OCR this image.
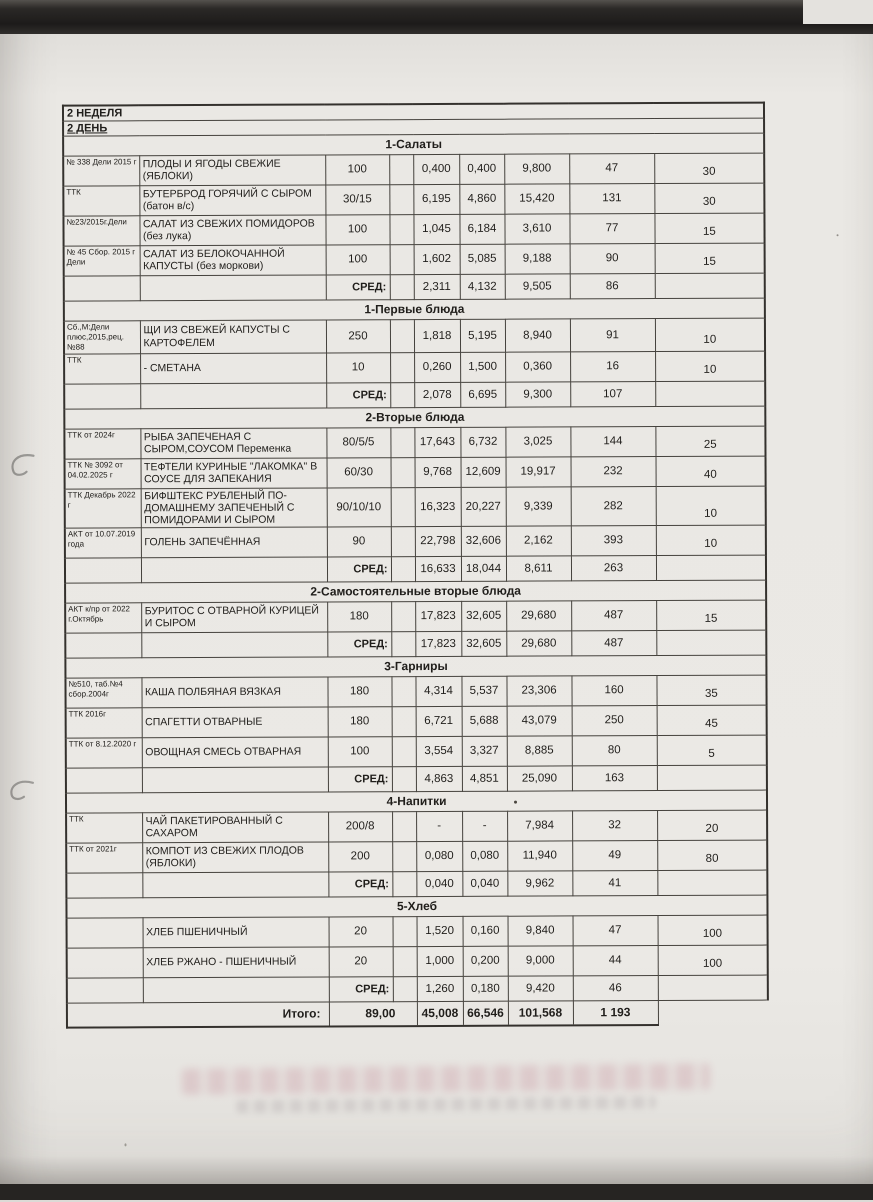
2 НЕДЕЛЯ								
2 ДЕНЬ								
1-Салаты								
№ 338 Дели 2015 г	ПЛОДЫ И ЯГОДЫ СВЕЖИЕ (ЯБЛОКИ)	100		0,400	0,400	9,800	47	30
ТТК	БУТЕРБРОД ГОРЯЧИЙ С СЫРОМ (батон в/с)	30/15		6,195	4,860	15,420	131	30
№23/2015г.Дели	САЛАТ ИЗ СВЕЖИХ ПОМИДОРОВ (без лука)	100		1,045	6,184	3,610	77	15
№ 45 Сбор. 2015 г Дели	САЛАТ ИЗ БЕЛОКОЧАННОЙ КАПУСТЫ (без моркови)	100		1,602	5,085	9,188	90	15
		СРЕД:		2,311	4,132	9,505	86	
1-Первые блюда								
Сб.,М:Дели плюс,2015,рец.№88	ЩИ ИЗ СВЕЖЕЙ КАПУСТЫ С КАРТОФЕЛЕМ	250		1,818	5,195	8,940	91	10
ТТК	- СМЕТАНА	10		0,260	1,500	0,360	16	10
		СРЕД:		2,078	6,695	9,300	107	
2-Вторые блюда								
ТТК от 2024г	РЫБА ЗАПЕЧЕНАЯ С СЫРОМ,СОУСОМ Переменка	80/5/5		17,643	6,732	3,025	144	25
ТТК № 3092 от 04.02.2025 г	ТЕФТЕЛИ КУРИНЫЕ "ЛАКОМКА" В СОУСЕ ДЛЯ ЗАПЕКАНИЯ	60/30		9,768	12,609	19,917	232	40
ТТК Декабрь 2022 г	БИФШТЕКС РУБЛЕНЫЙ ПО-ДОМАШНЕМУ ЗАПЕЧЕНЫЙ С ПОМИДОРАМИ И СЫРОМ	90/10/10		16,323	20,227	9,339	282	10
АКТ от 10.07.2019 года	ГОЛЕНЬ ЗАПЕЧЁННАЯ	90		22,798	32,606	2,162	393	10
		СРЕД:		16,633	18,044	8,611	263	
2-Самостоятельные вторые блюда								
АКТ к/пр от 2022 г.Октябрь	БУРИТОС С ОТВАРНОЙ КУРИЦЕЙ И СЫРОМ	180		17,823	32,605	29,680	487	15
		СРЕД:		17,823	32,605	29,680	487	
3-Гарниры								
№510, таб.№4 сбор.2004г	КАША ПОЛБЯНАЯ ВЯЗКАЯ	180		4,314	5,537	23,306	160	35
ТТК 2016г	СПАГЕТТИ ОТВАРНЫЕ	180		6,721	5,688	43,079	250	45
ТТК от 8.12.2020 г	ОВОЩНАЯ СМЕСЬ ОТВАРНАЯ	100		3,554	3,327	8,885	80	5
		СРЕД:		4,863	4,851	25,090	163	
4-Напитки								
ТТК	ЧАЙ ПАКЕТИРОВАННЫЙ С САХАРОМ	200/8		-	-	7,984	32	20
ТТК от 2021г	КОМПОТ ИЗ СВЕЖИХ ПЛОДОВ (ЯБЛОКИ)	200		0,080	0,080	11,940	49	80
		СРЕД:		0,040	0,040	9,962	41	
5-Хлеб								
	ХЛЕБ ПШЕНИЧНЫЙ	20		1,520	0,160	9,840	47	100
	ХЛЕБ РЖАНО - ПШЕНИЧНЫЙ	20		1,000	0,200	9,000	44	100
		СРЕД:		1,260	0,180	9,420	46	
Итого:		89,00		45,008	66,546	101,568	1 193	
